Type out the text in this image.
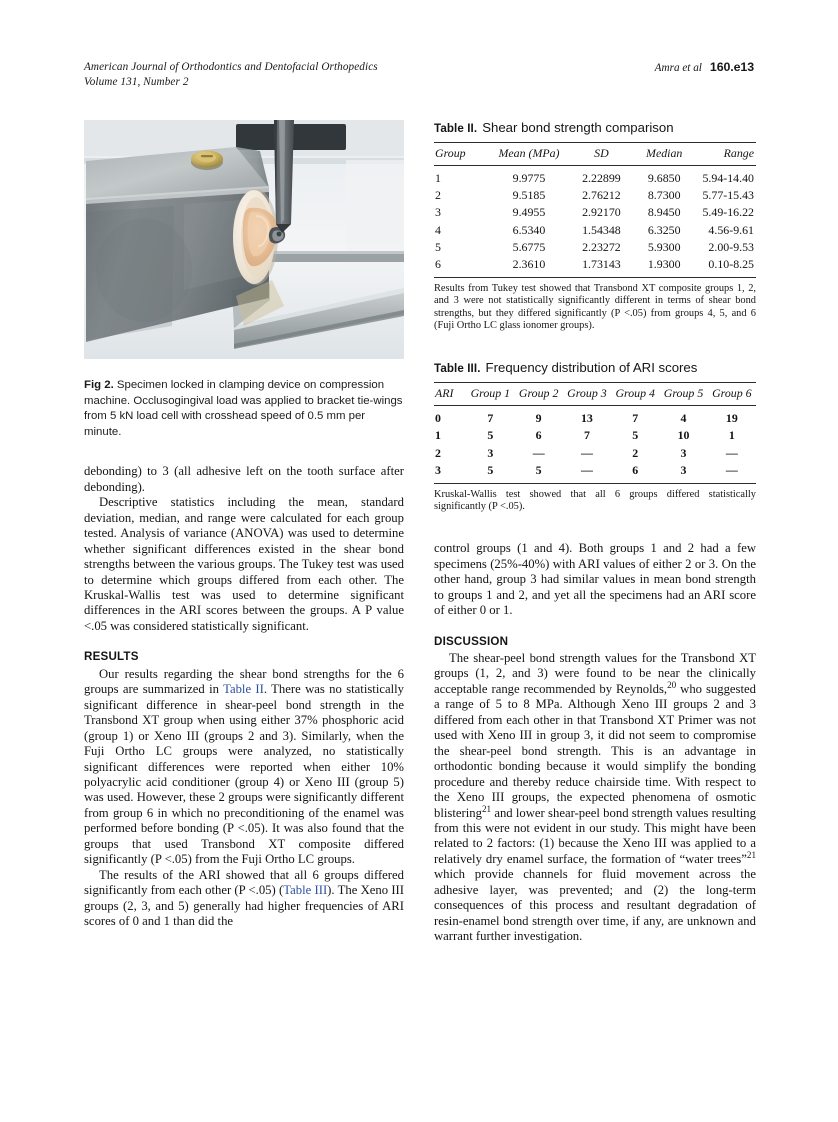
American Journal of Orthodontics and Dentofacial Orthopedics
Volume 131, Number 2
Amra et al 160.e13
Fig 2. Specimen locked in clamping device on compression machine. Occlusogingival load was applied to bracket tie-wings from 5 kN load cell with crosshead speed of 0.5 mm per minute.

debonding) to 3 (all adhesive left on the tooth surface after debonding).

Descriptive statistics including the mean, standard deviation, median, and range were calculated for each group tested. Analysis of variance (ANOVA) was used to determine whether significant differences existed in the shear bond strengths between the various groups. The Tukey test was used to determine which groups differed from each other. The Kruskal-Wallis test was used to determine significant differences in the ARI scores between the groups. A P value <.05 was considered statistically significant.

RESULTS

Our results regarding the shear bond strengths for the 6 groups are summarized in Table II. There was no statistically significant difference in shear-peel bond strength in the Transbond XT group when using either 37% phosphoric acid (group 1) or Xeno III (groups 2 and 3). Similarly, when the Fuji Ortho LC groups were analyzed, no statistically significant differences were reported when either 10% polyacrylic acid conditioner (group 4) or Xeno III (group 5) was used. However, these 2 groups were significantly different from group 6 in which no preconditioning of the enamel was performed before bonding (P <.05). It was also found that the groups that used Transbond XT composite differed significantly (P <.05) from the Fuji Ortho LC groups.

The results of the ARI showed that all 6 groups differed significantly from each other (P <.05) (Table III). The Xeno III groups (2, 3, and 5) generally had higher frequencies of ARI scores of 0 and 1 than did the

Table II. Shear bond strength comparison
Group	Mean (MPa)	SD	Median	Range
1	9.9775	2.22899	9.6850	5.94-14.40
2	9.5185	2.76212	8.7300	5.77-15.43
3	9.4955	2.92170	8.9450	5.49-16.22
4	6.5340	1.54348	6.3250	4.56-9.61
5	5.6775	2.23272	5.9300	2.00-9.53
6	2.3610	1.73143	1.9300	0.10-8.25
Results from Tukey test showed that Transbond XT composite groups 1, 2, and 3 were not statistically significantly different in terms of shear bond strengths, but they differed significantly (P <.05) from groups 4, 5, and 6 (Fuji Ortho LC glass ionomer groups).
Table III. Frequency distribution of ARI scores
ARI	Group 1	Group 2	Group 3	Group 4	Group 5	Group 6
0	7	9	13	7	4	19
1	5	6	7	5	10	1
2	3	—	—	2	3	—
3	5	5	—	6	3	—
Kruskal-Wallis test showed that all 6 groups differed statistically significantly (P <.05).

control groups (1 and 4). Both groups 1 and 2 had a few specimens (25%-40%) with ARI values of either 2 or 3. On the other hand, group 3 had similar values in mean bond strength to groups 1 and 2, and yet all the specimens had an ARI score of either 0 or 1.

DISCUSSION

The shear-peel bond strength values for the Transbond XT groups (1, 2, and 3) were found to be near the clinically acceptable range recommended by Reynolds,$^{20}$ who suggested a range of 5 to 8 MPa. Although Xeno III groups 2 and 3 differed from each other in that Transbond XT Primer was not used with Xeno III in group 3, it did not seem to compromise the shear-peel bond strength. This is an advantage in orthodontic bonding because it would simplify the bonding procedure and thereby reduce chairside time. With respect to the Xeno III groups, the expected phenomena of osmotic blistering$^{21}$ and lower shear-peel bond strength values resulting from this were not evident in our study. This might have been related to 2 factors: (1) because the Xeno III was applied to a relatively dry enamel surface, the formation of “water trees”$^{21}$ which provide channels for fluid movement across the adhesive layer, was prevented; and (2) the long-term consequences of this process and resultant degradation of resin-enamel bond strength over time, if any, are unknown and warrant further investigation.
